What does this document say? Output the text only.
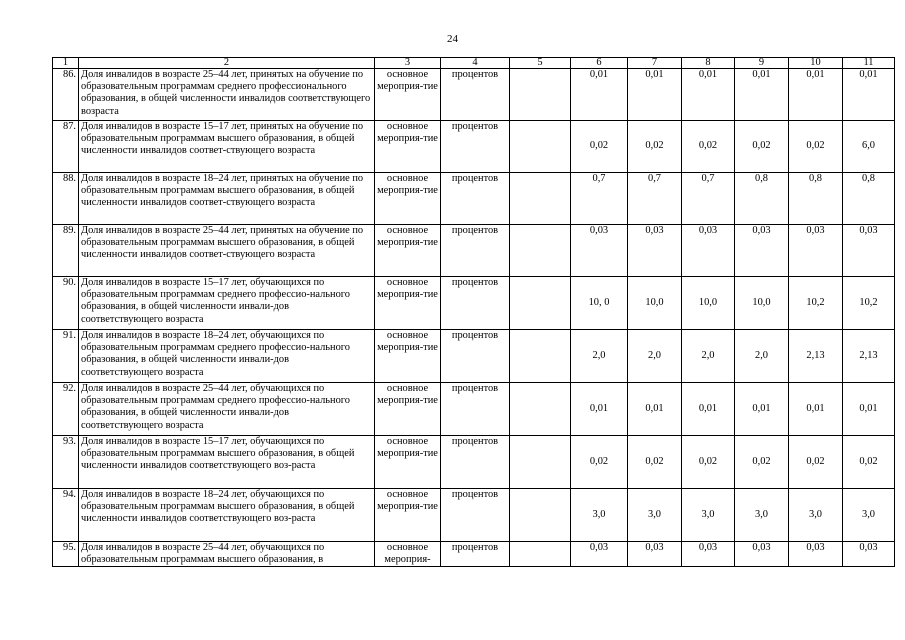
24
1	2	3	4	5	6	7	8	9	10	11
86.	Доля инвалидов в возрасте 25–44 лет, принятых на обучение по образовательным программам среднего профессионального образования, в общей численности инвалидов соответствующего возраста	основное мероприя-тие	процентов		0,01	0,01	0,01	0,01	0,01	0,01
87.	Доля инвалидов в возрасте 15–17 лет, принятых на обучение по образовательным программам высшего образования, в общей численности инвалидов соответ-ствующего возраста	основное мероприя-тие	процентов		0,02	0,02	0,02	0,02	0,02	6,0
88.	Доля инвалидов в возрасте 18–24 лет, принятых на обучение по образовательным программам высшего образования, в общей численности инвалидов соответ-ствующего возраста	основное мероприя-тие	процентов		0,7	0,7	0,7	0,8	0,8	0,8
89.	Доля инвалидов в возрасте 25–44 лет, принятых на обучение по образовательным программам высшего образования, в общей численности инвалидов соответ-ствующего возраста	основное мероприя-тие	процентов		0,03	0,03	0,03	0,03	0,03	0,03
90.	Доля инвалидов в возрасте 15–17 лет, обучающихся по образовательным программам среднего профессио-нального образования, в общей численности инвали-дов соответствующего возраста	основное мероприя-тие	процентов		10, 0	10,0	10,0	10,0	10,2	10,2
91.	Доля инвалидов в возрасте 18–24 лет, обучающихся по образовательным программам среднего профессио-нального образования, в общей численности инвали-дов соответствующего возраста	основное мероприя-тие	процентов		2,0	2,0	2,0	2,0	2,13	2,13
92.	Доля инвалидов в возрасте 25–44 лет, обучающихся по образовательным программам среднего профессио-нального образования, в общей численности инвали-дов соответствующего возраста	основное мероприя-тие	процентов		0,01	0,01	0,01	0,01	0,01	0,01
93.	Доля инвалидов в возрасте 15–17 лет, обучающихся по образовательным программам высшего образования, в общей численности инвалидов соответствующего воз-раста	основное мероприя-тие	процентов		0,02	0,02	0,02	0,02	0,02	0,02
94.	Доля инвалидов в возрасте 18–24 лет, обучающихся по образовательным программам высшего образования, в общей численности инвалидов соответствующего воз-раста	основное мероприя-тие	процентов		3,0	3,0	3,0	3,0	3,0	3,0
95.	Доля инвалидов в возрасте 25–44 лет, обучающихся по образовательным программам высшего образования, в	основное мероприя-	процентов		0,03	0,03	0,03	0,03	0,03	0,03
